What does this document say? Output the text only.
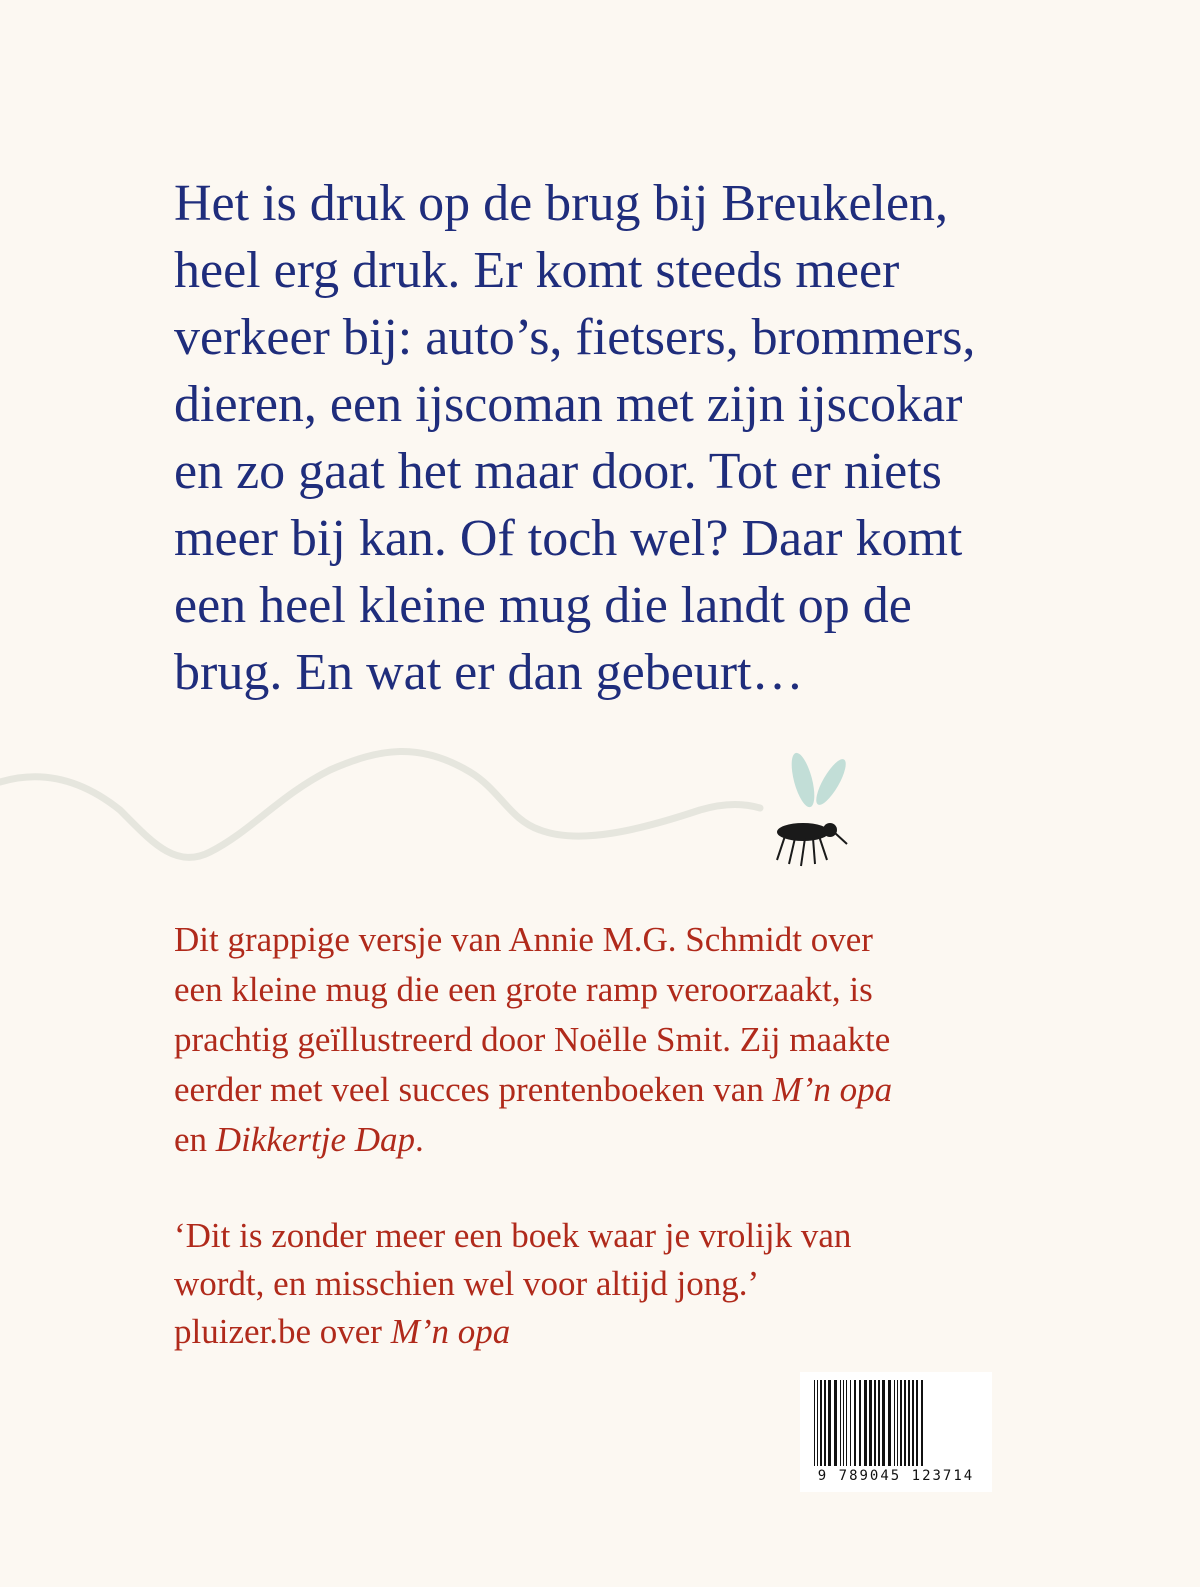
Het is druk op de brug bij Breukelen,
heel erg druk. Er komt steeds meer
verkeer bij: auto’s, fietsers, brommers,
dieren, een ijscoman met zijn ijscokar
en zo gaat het maar door. Tot er niets
meer bij kan. Of toch wel? Daar komt
een heel kleine mug die landt op de
brug. En wat er dan gebeurt…
Dit grappige versje van Annie M.G. Schmidt over
een kleine mug die een grote ramp veroorzaakt, is
prachtig geïllustreerd door Noëlle Smit. Zij maakte
eerder met veel succes prentenboeken van M’n opa
en Dikkertje Dap.
‘Dit is zonder meer een boek waar je vrolijk van
wordt, en misschien wel voor altijd jong.’
pluizer.be over M’n opa
9 789045 123714
